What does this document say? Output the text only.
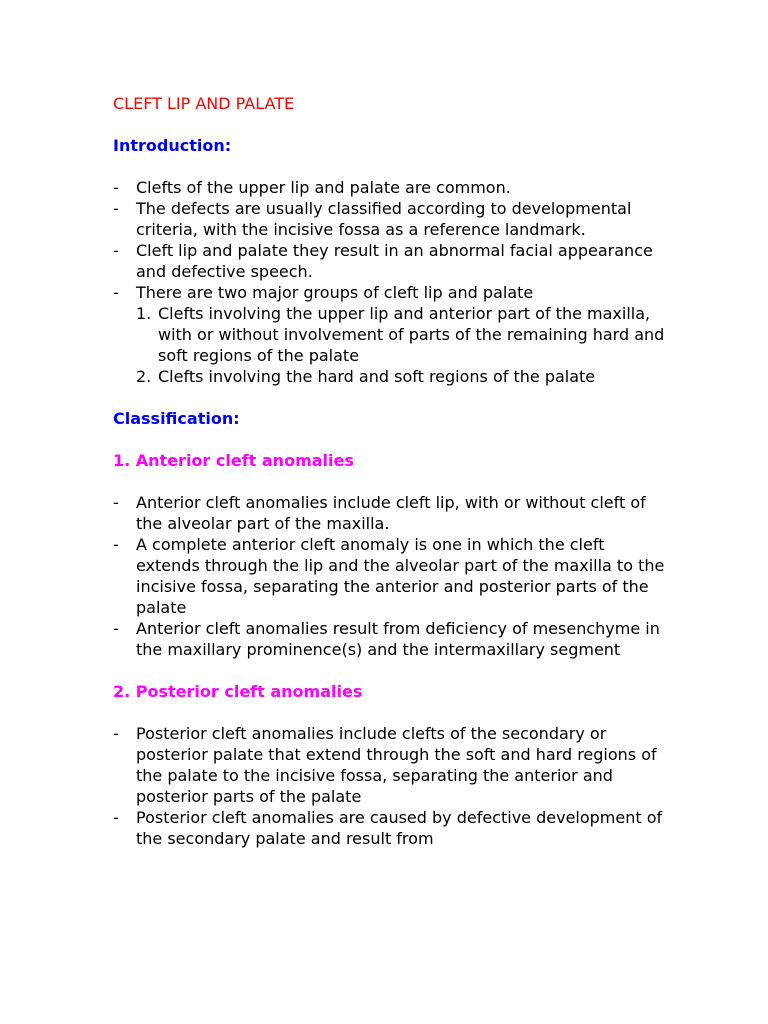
CLEFT LIP AND PALATE
Introduction:
- Clefts of the upper lip and palate are common.
- The defects are usually classified according to developmental criteria, with the incisive fossa as a reference landmark.
- Cleft lip and palate they result in an abnormal facial appearance and defective speech.
- There are two major groups of cleft lip and palate
1. Clefts involving the upper lip and anterior part of the maxilla, with or without involvement of parts of the remaining hard and soft regions of the palate
2. Clefts involving the hard and soft regions of the palate
Classification:
1. Anterior cleft anomalies
- Anterior cleft anomalies include cleft lip, with or without cleft of the alveolar part of the maxilla.
- A complete anterior cleft anomaly is one in which the cleft extends through the lip and the alveolar part of the maxilla to the incisive fossa, separating the anterior and posterior parts of the palate
- Anterior cleft anomalies result from deficiency of mesenchyme in the maxillary prominence(s) and the intermaxillary segment
2. Posterior cleft anomalies
- Posterior cleft anomalies include clefts of the secondary or posterior palate that extend through the soft and hard regions of the palate to the incisive fossa, separating the anterior and posterior parts of the palate
- Posterior cleft anomalies are caused by defective development of the secondary palate and result from
